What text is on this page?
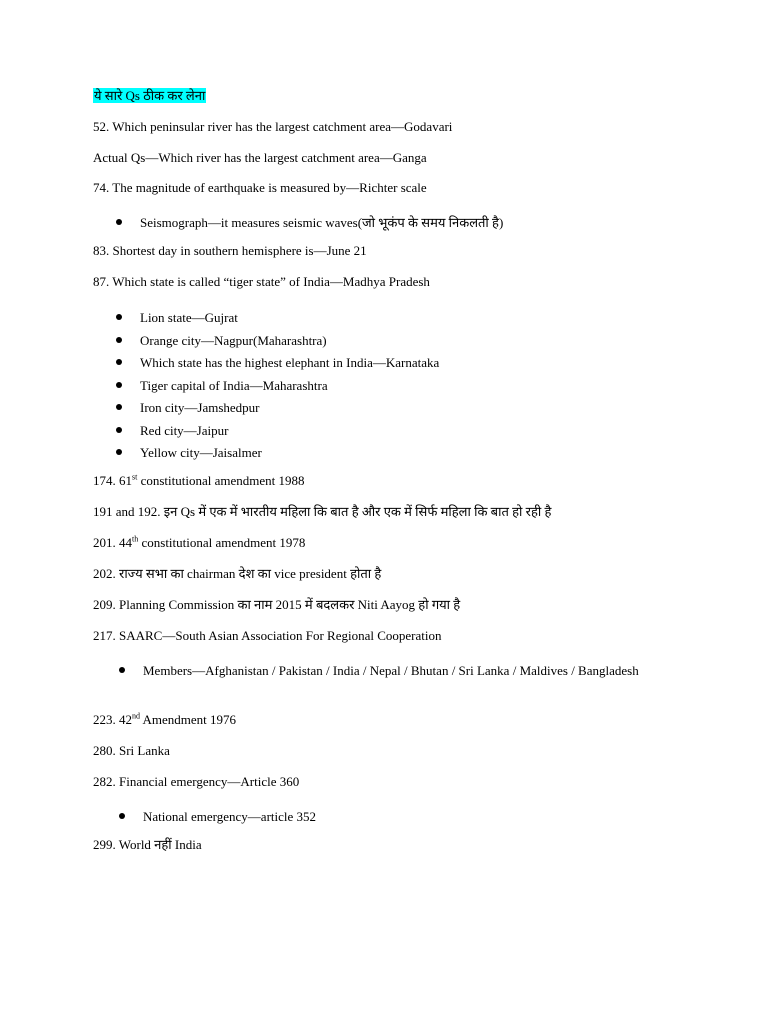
ये सारे Qs ठीक कर लेना
52. Which peninsular river has the largest catchment area—Godavari
Actual Qs—Which river has the largest catchment area—Ganga
74. The magnitude of earthquake is measured by—Richter scale
Seismograph—it measures seismic waves(जो भूकंप के समय निकलती है)
83. Shortest day in southern hemisphere is—June 21
87. Which state is called “tiger state” of India—Madhya Pradesh
Lion state—Gujrat
Orange city—Nagpur(Maharashtra)
Which state has the highest elephant in India—Karnataka
Tiger capital of India—Maharashtra
Iron city—Jamshedpur
Red city—Jaipur
Yellow city—Jaisalmer
174. 61st constitutional amendment 1988
191 and 192. इन Qs में एक में भारतीय महिला कि बात है और एक में सिर्फ महिला कि बात हो रही है
201. 44th constitutional amendment 1978
202. राज्य सभा का chairman देश का vice president होता है
209. Planning Commission का नाम 2015 में बदलकर Niti Aayog हो गया है
217. SAARC—South Asian Association For Regional Cooperation
Members—Afghanistan / Pakistan / India / Nepal / Bhutan / Sri Lanka / Maldives / Bangladesh
223. 42nd Amendment 1976
280. Sri Lanka
282. Financial emergency—Article 360
National emergency—article 352
299. World नहीं India
